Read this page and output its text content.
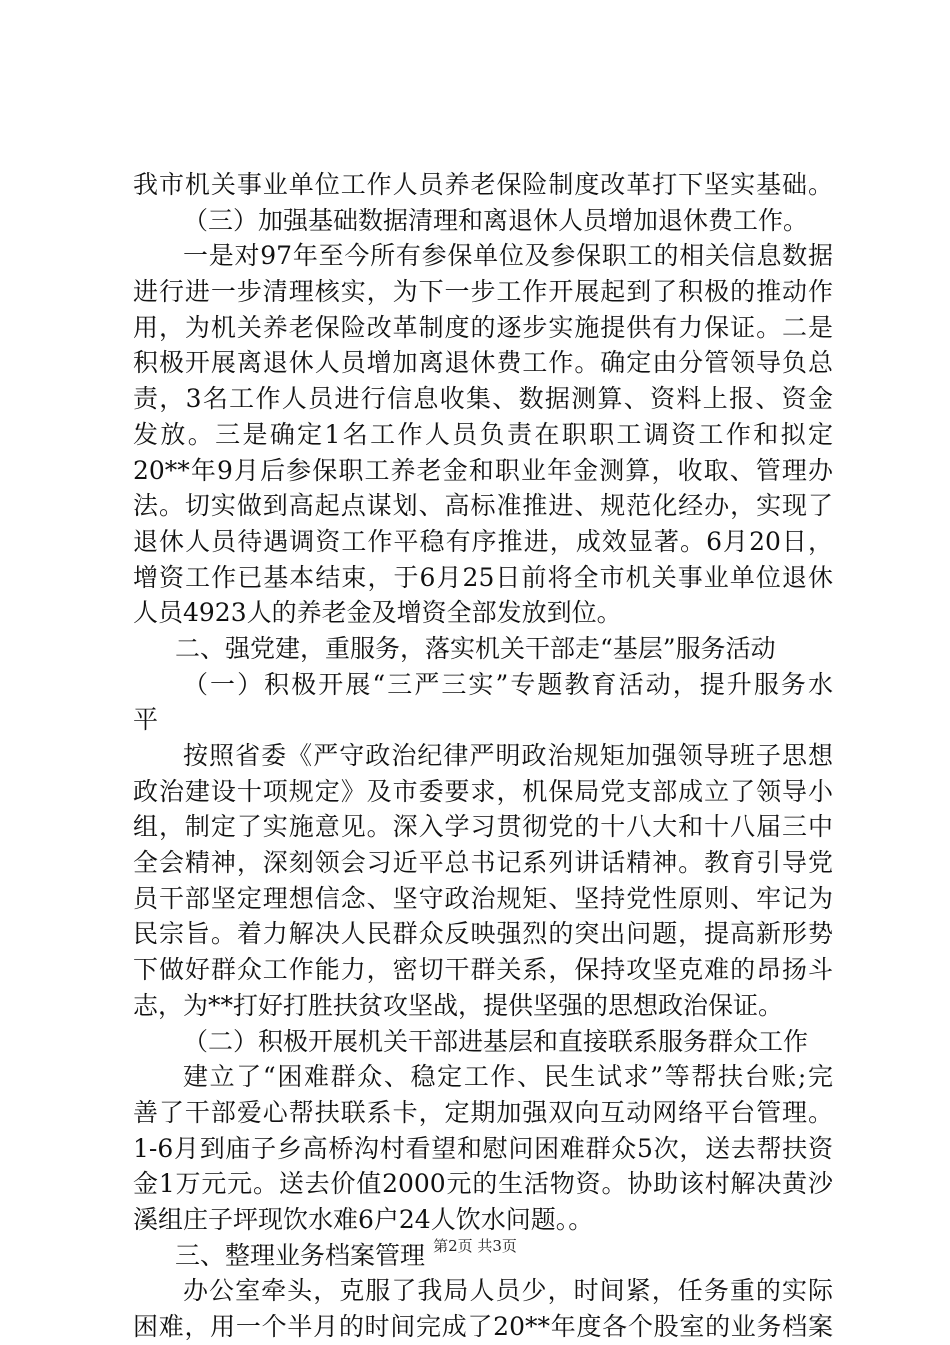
我市机关事业单位工作人员养老保险制度改革打下坚实基础。
（三）加强基础数据清理和离退休人员增加退休费工作。
一是对97年至今所有参保单位及参保职工的相关信息数据
进行进一步清理核实，为下一步工作开展起到了积极的推动作
用，为机关养老保险改革制度的逐步实施提供有力保证。二是
积极开展离退休人员增加离退休费工作。确定由分管领导负总
责，3名工作人员进行信息收集、数据测算、资料上报、资金
发放。三是确定1名工作人员负责在职职工调资工作和拟定
20**年9月后参保职工养老金和职业年金测算，收取、管理办
法。切实做到高起点谋划、高标准推进、规范化经办，实现了
退休人员待遇调资工作平稳有序推进，成效显著。6月20日，
增资工作已基本结束，于6月25日前将全市机关事业单位退休
人员4923人的养老金及增资全部发放到位。
二、强党建，重服务，落实机关干部走“基层”服务活动
（一）积极开展“三严三实”专题教育活动，提升服务水
平
按照省委《严守政治纪律严明政治规矩加强领导班子思想
政治建设十项规定》及市委要求，机保局党支部成立了领导小
组，制定了实施意见。深入学习贯彻党的十八大和十八届三中
全会精神，深刻领会习近平总书记系列讲话精神。教育引导党
员干部坚定理想信念、坚守政治规矩、坚持党性原则、牢记为
民宗旨。着力解决人民群众反映强烈的突出问题，提高新形势
下做好群众工作能力，密切干群关系，保持攻坚克难的昂扬斗
志，为**打好打胜扶贫攻坚战，提供坚强的思想政治保证。
（二）积极开展机关干部进基层和直接联系服务群众工作
建立了“困难群众、稳定工作、民生试求”等帮扶台账;完
善了干部爱心帮扶联系卡，定期加强双向互动网络平台管理。
1-6月到庙子乡高桥沟村看望和慰问困难群众5次，送去帮扶资
金1万元元。送去价值2000元的生活物资。协助该村解决黄沙
溪组庄子坪现饮水难6户24人饮水问题。。
三、整理业务档案管理
办公室牵头，克服了我局人员少，时间紧，任务重的实际
困难，用一个半月的时间完成了20**年度各个股室的业务档案
第2页 共3页
